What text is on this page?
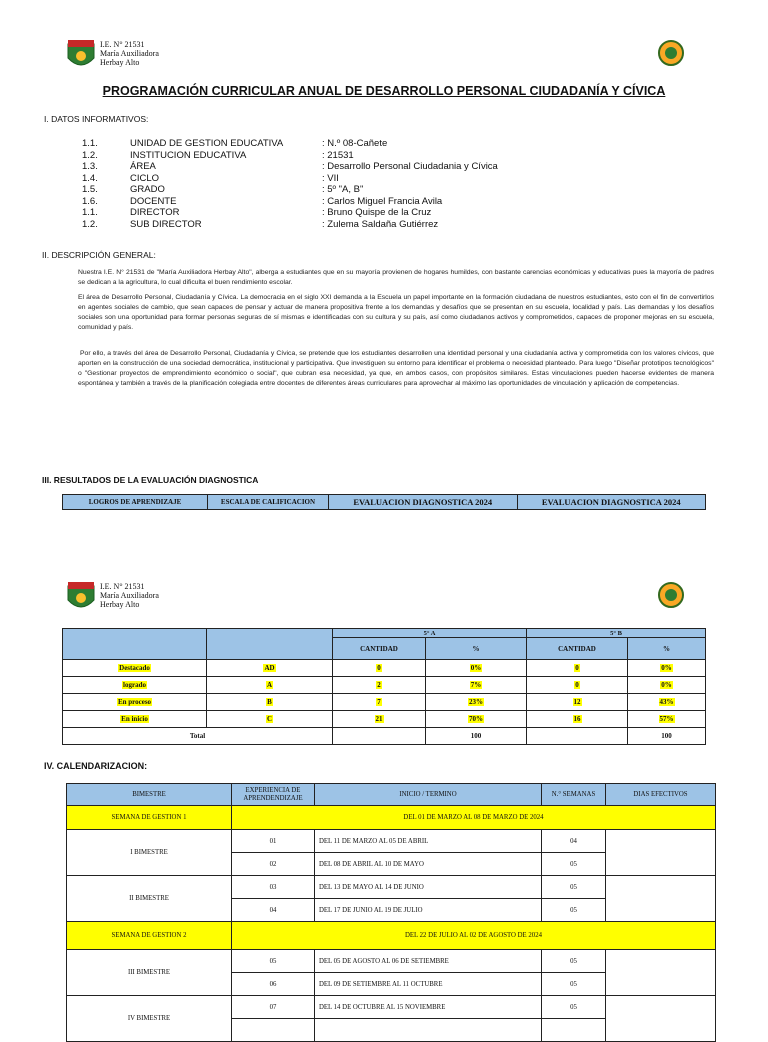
I.E. N° 21531
María Auxiliadora
Herbay Alto
PROGRAMACIÓN CURRICULAR ANUAL DE DESARROLLO PERSONAL CIUDADANÍA Y CÍVICA
I. DATOS INFORMATIVOS:
1.1.	UNIDAD DE GESTION EDUCATIVA	: N.º 08-Cañete
1.2.	INSTITUCION EDUCATIVA	: 21531
1.3.	ÁREA	: Desarrollo Personal Ciudadania y Cívica
1.4.	CICLO	: VII
1.5.	GRADO	: 5º "A, B"
1.6.	DOCENTE	: Carlos Miguel Francia Avila
1.1.	DIRECTOR	: Bruno Quispe de la Cruz
1.2.	SUB DIRECTOR	: Zulema Saldaña Gutiérrez
II. DESCRIPCIÓN GENERAL:
Nuestra I.E. N° 21531 de "María Auxiliadora Herbay Alto", alberga a estudiantes que en su mayoría provienen de hogares humildes, con bastante carencias económicas y educativas pues la mayoría de padres se dedican a la agricultura, lo cual dificulta el buen rendimiento escolar.
El área de Desarrollo Personal, Ciudadanía y Cívica. La democracia en el siglo XXI demanda a la Escuela un papel importante en la formación ciudadana de nuestros estudiantes, esto con el fin de convertirlos en agentes sociales de cambio, que sean capaces de pensar y actuar de manera propositiva frente a los demandas y desafíos que se presentan en su escuela, localidad y país. Las demandas y los desafíos sociales son una oportunidad para formar personas seguras de sí mismas e identificadas con su cultura y su país, así como ciudadanos activos y comprometidos, capaces de proponer mejoras en su escuela, comunidad y país.
Por ello, a través del área de Desarrollo Personal, Ciudadanía y Cívica, se pretende que los estudiantes desarrollen una identidad personal y una ciudadanía activa y comprometida con los valores cívicos, que aporten en la construcción de una sociedad democrática, institucional y participativa. Que investiguen su entorno para identificar el problema o necesidad planteado. Para luego "Diseñar prototipos tecnológicos" o "Gestionar proyectos de emprendimiento económico o social", que cubran esa necesidad, ya que, en ambos casos, con propósitos similares. Estas vinculaciones pueden hacerse evidentes de manera espontánea y también a través de la planificación colegiada entre docentes de diferentes áreas curriculares para aprovechar al máximo las oportunidades de vinculación y aplicación de competencias.
III. RESULTADOS DE LA EVALUACIÓN DIAGNOSTICA
LOGROS DE APRENDIZAJE	ESCALA DE CALIFICACION	EVALUACION DIAGNOSTICA 2024	EVALUACION DIAGNOSTICA 2024
I.E. N° 21531
María Auxiliadora
Herbay Alto
		5° A		5° B	
		CANTIDAD	%	CANTIDAD	%
Destacado	AD	0	0%	0	0%
logrado	A	2	7%	0	0%
En proceso	B	7	23%	12	43%
En inicio	C	21	70%	16	57%
Total			100		100
IV. CALENDARIZACION:
BIMESTRE	EXPERIENCIA DE APRENDENDIZAJE	INICIO / TERMINO	N.° SEMANAS	DIAS EFECTIVOS
SEMANA DE GESTION 1	DEL 01 DE MARZO AL 08 DE MARZO DE 2024			
I BIMESTRE	01	DEL 11 DE MARZO AL 05 DE ABRIL	04	
	02	DEL 08 DE ABRIL AL 10 DE MAYO	05	
II BIMESTRE	03	DEL 13 DE MAYO AL 14 DE JUNIO	05	
	04	DEL 17 DE JUNIO AL 19 DE JULIO	05	
SEMANA DE GESTION 2	DEL 22 DE JULIO AL 02 DE AGOSTO DE 2024			
III BIMESTRE	05	DEL 05 DE AGOSTO AL 06 DE SETIEMBRE	05	
	06	DEL 09 DE SETIEMBRE AL 11 OCTUBRE	05	
IV BIMESTRE	07	DEL 14 DE OCTUBRE AL 15 NOVIEMBRE	05	
